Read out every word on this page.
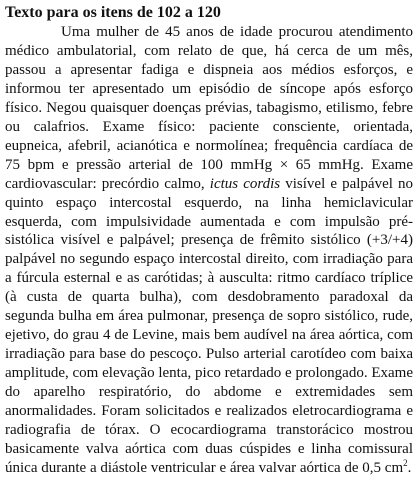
Texto para os itens de 102 a 120

Uma mulher de 45 anos de idade procurou atendimento médico ambulatorial, com relato de que, há cerca de um mês, passou a apresentar fadiga e dispneia aos médios esforços, e informou ter apresentado um episódio de síncope após esforço físico. Negou quaisquer doenças prévias, tabagismo, etilismo, febre ou calafrios. Exame físico: paciente consciente, orientada, eupneica, afebril, acianótica e normolínea; frequência cardíaca de 75 bpm e pressão arterial de 100 mmHg × 65 mmHg. Exame cardiovascular: precórdio calmo, ictus cordis visível e palpável no quinto espaço intercostal esquerdo, na linha hemiclavicular esquerda, com impulsividade aumentada e com impulsão pré-sistólica visível e palpável; presença de frêmito sistólico (+3/+4) palpável no segundo espaço intercostal direito, com irradiação para a fúrcula esternal e as carótidas; à ausculta: ritmo cardíaco tríplice (à custa de quarta bulha), com desdobramento paradoxal da segunda bulha em área pulmonar, presença de sopro sistólico, rude, ejetivo, do grau 4 de Levine, mais bem audível na área aórtica, com irradiação para base do pescoço. Pulso arterial carotídeo com baixa amplitude, com elevação lenta, pico retardado e prolongado. Exame do aparelho respiratório, do abdome e extremidades sem anormalidades. Foram solicitados e realizados eletrocardiograma e radiografia de tórax. O ecocardiograma transtorácico mostrou basicamente valva aórtica com duas cúspides e linha comissural única durante a diástole ventricular e área valvar aórtica de 0,5 $cm^2$.
